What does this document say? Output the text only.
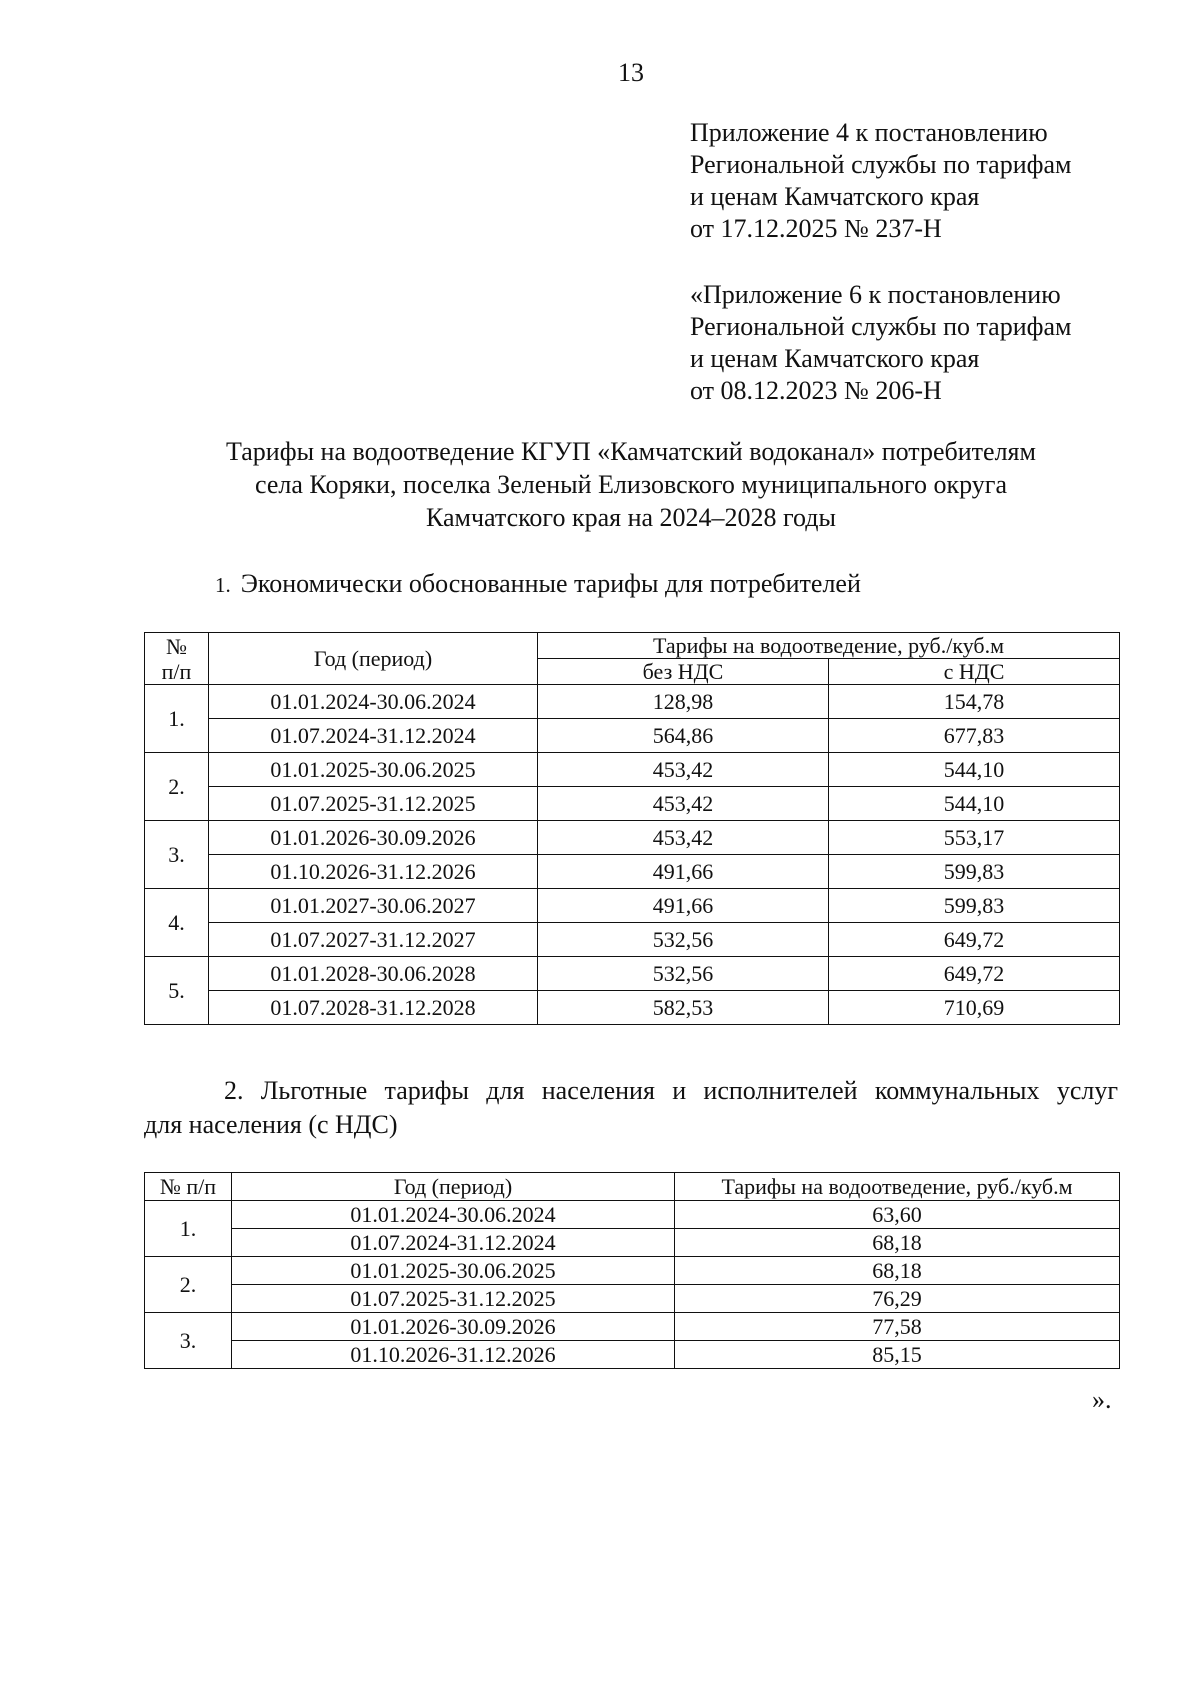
13
Приложение 4 к постановлению
Региональной службы по тарифам
и ценам Камчатского края
от 17.12.2025 № 237-Н
«Приложение 6 к постановлению
Региональной службы по тарифам
и ценам Камчатского края
от 08.12.2023 № 206-Н
Тарифы на водоотведение КГУП «Камчатский водоканал» потребителям
села Коряки, поселка Зеленый Елизовского муниципального округа
Камчатского края на 2024–2028 годы
1. Экономически обоснованные тарифы для потребителей
№
п/п	Год (период)	Тарифы на водоотведение, руб./куб.м	
		без НДС	с НДС
1.	01.01.2024-30.06.2024	128,98	154,78
	01.07.2024-31.12.2024	564,86	677,83
2.	01.01.2025-30.06.2025	453,42	544,10
	01.07.2025-31.12.2025	453,42	544,10
3.	01.01.2026-30.09.2026	453,42	553,17
	01.10.2026-31.12.2026	491,66	599,83
4.	01.01.2027-30.06.2027	491,66	599,83
	01.07.2027-31.12.2027	532,56	649,72
5.	01.01.2028-30.06.2028	532,56	649,72
	01.07.2028-31.12.2028	582,53	710,69
2. Льготные тарифы для населения и исполнителей коммунальных услуг
для населения (с НДС)
№ п/п	Год (период)	Тарифы на водоотведение, руб./куб.м
1.	01.01.2024-30.06.2024	63,60
	01.07.2024-31.12.2024	68,18
2.	01.01.2025-30.06.2025	68,18
	01.07.2025-31.12.2025	76,29
3.	01.01.2026-30.09.2026	77,58
	01.10.2026-31.12.2026	85,15
».
